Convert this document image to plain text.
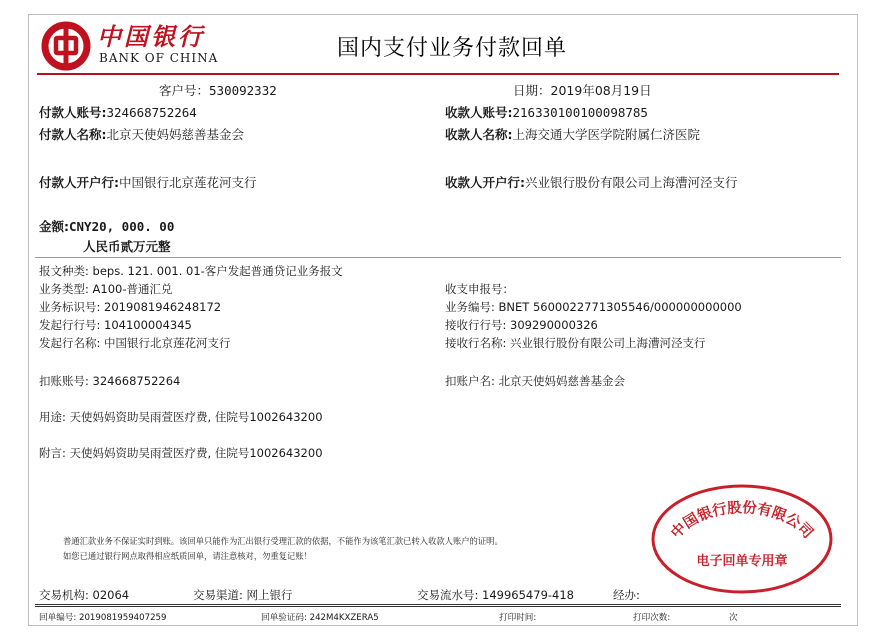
中国银行
BANK OF CHINA	国内支付业务付款回单
客户号：530092332	日期：2019年08月19日
付款人账号:324668752264	收款人账号:216330100100098785
付款人名称:北京天使妈妈慈善基金会	收款人名称:上海交通大学医学院附属仁济医院
付款人开户行:中国银行北京莲花河支行	收款人开户行:兴业银行股份有限公司上海漕河泾支行
金额:CNY20, 000. 00
人民币贰万元整
报文种类: beps. 121. 001. 01-客户发起普通贷记业务报文
业务类型: A100-普通汇兑
业务标识号: 2019081946248172
发起行行号: 104100004345
发起行名称: 中国银行北京莲花河支行
收支申报号：
业务编号: BNET 5600022771305546/000000000000
接收行行号: 309290000326
接收行名称: 兴业银行股份有限公司上海漕河泾支行
扣账账号: 324668752264	扣账户名: 北京天使妈妈慈善基金会
用途: 天使妈妈资助吴雨萱医疗费, 住院号1002643200
附言: 天使妈妈资助吴雨萱医疗费, 住院号1002643200
普通汇款业务不保证实时到账。该回单只能作为汇出银行受理汇款的依据，不能作为该笔汇款已转入收款人账户的证明。
如您已通过银行网点取得相应纸质回单，请注意核对，勿重复记账！
中国银行股份有限公司
电子回单专用章
交易机构: 02064	交易渠道: 网上银行	交易流水号: 149965479-418	经办:
回单编号: 2019081959407259	回单验证码: 242M4KXZERA5	打印时间:	打印次数:	次
